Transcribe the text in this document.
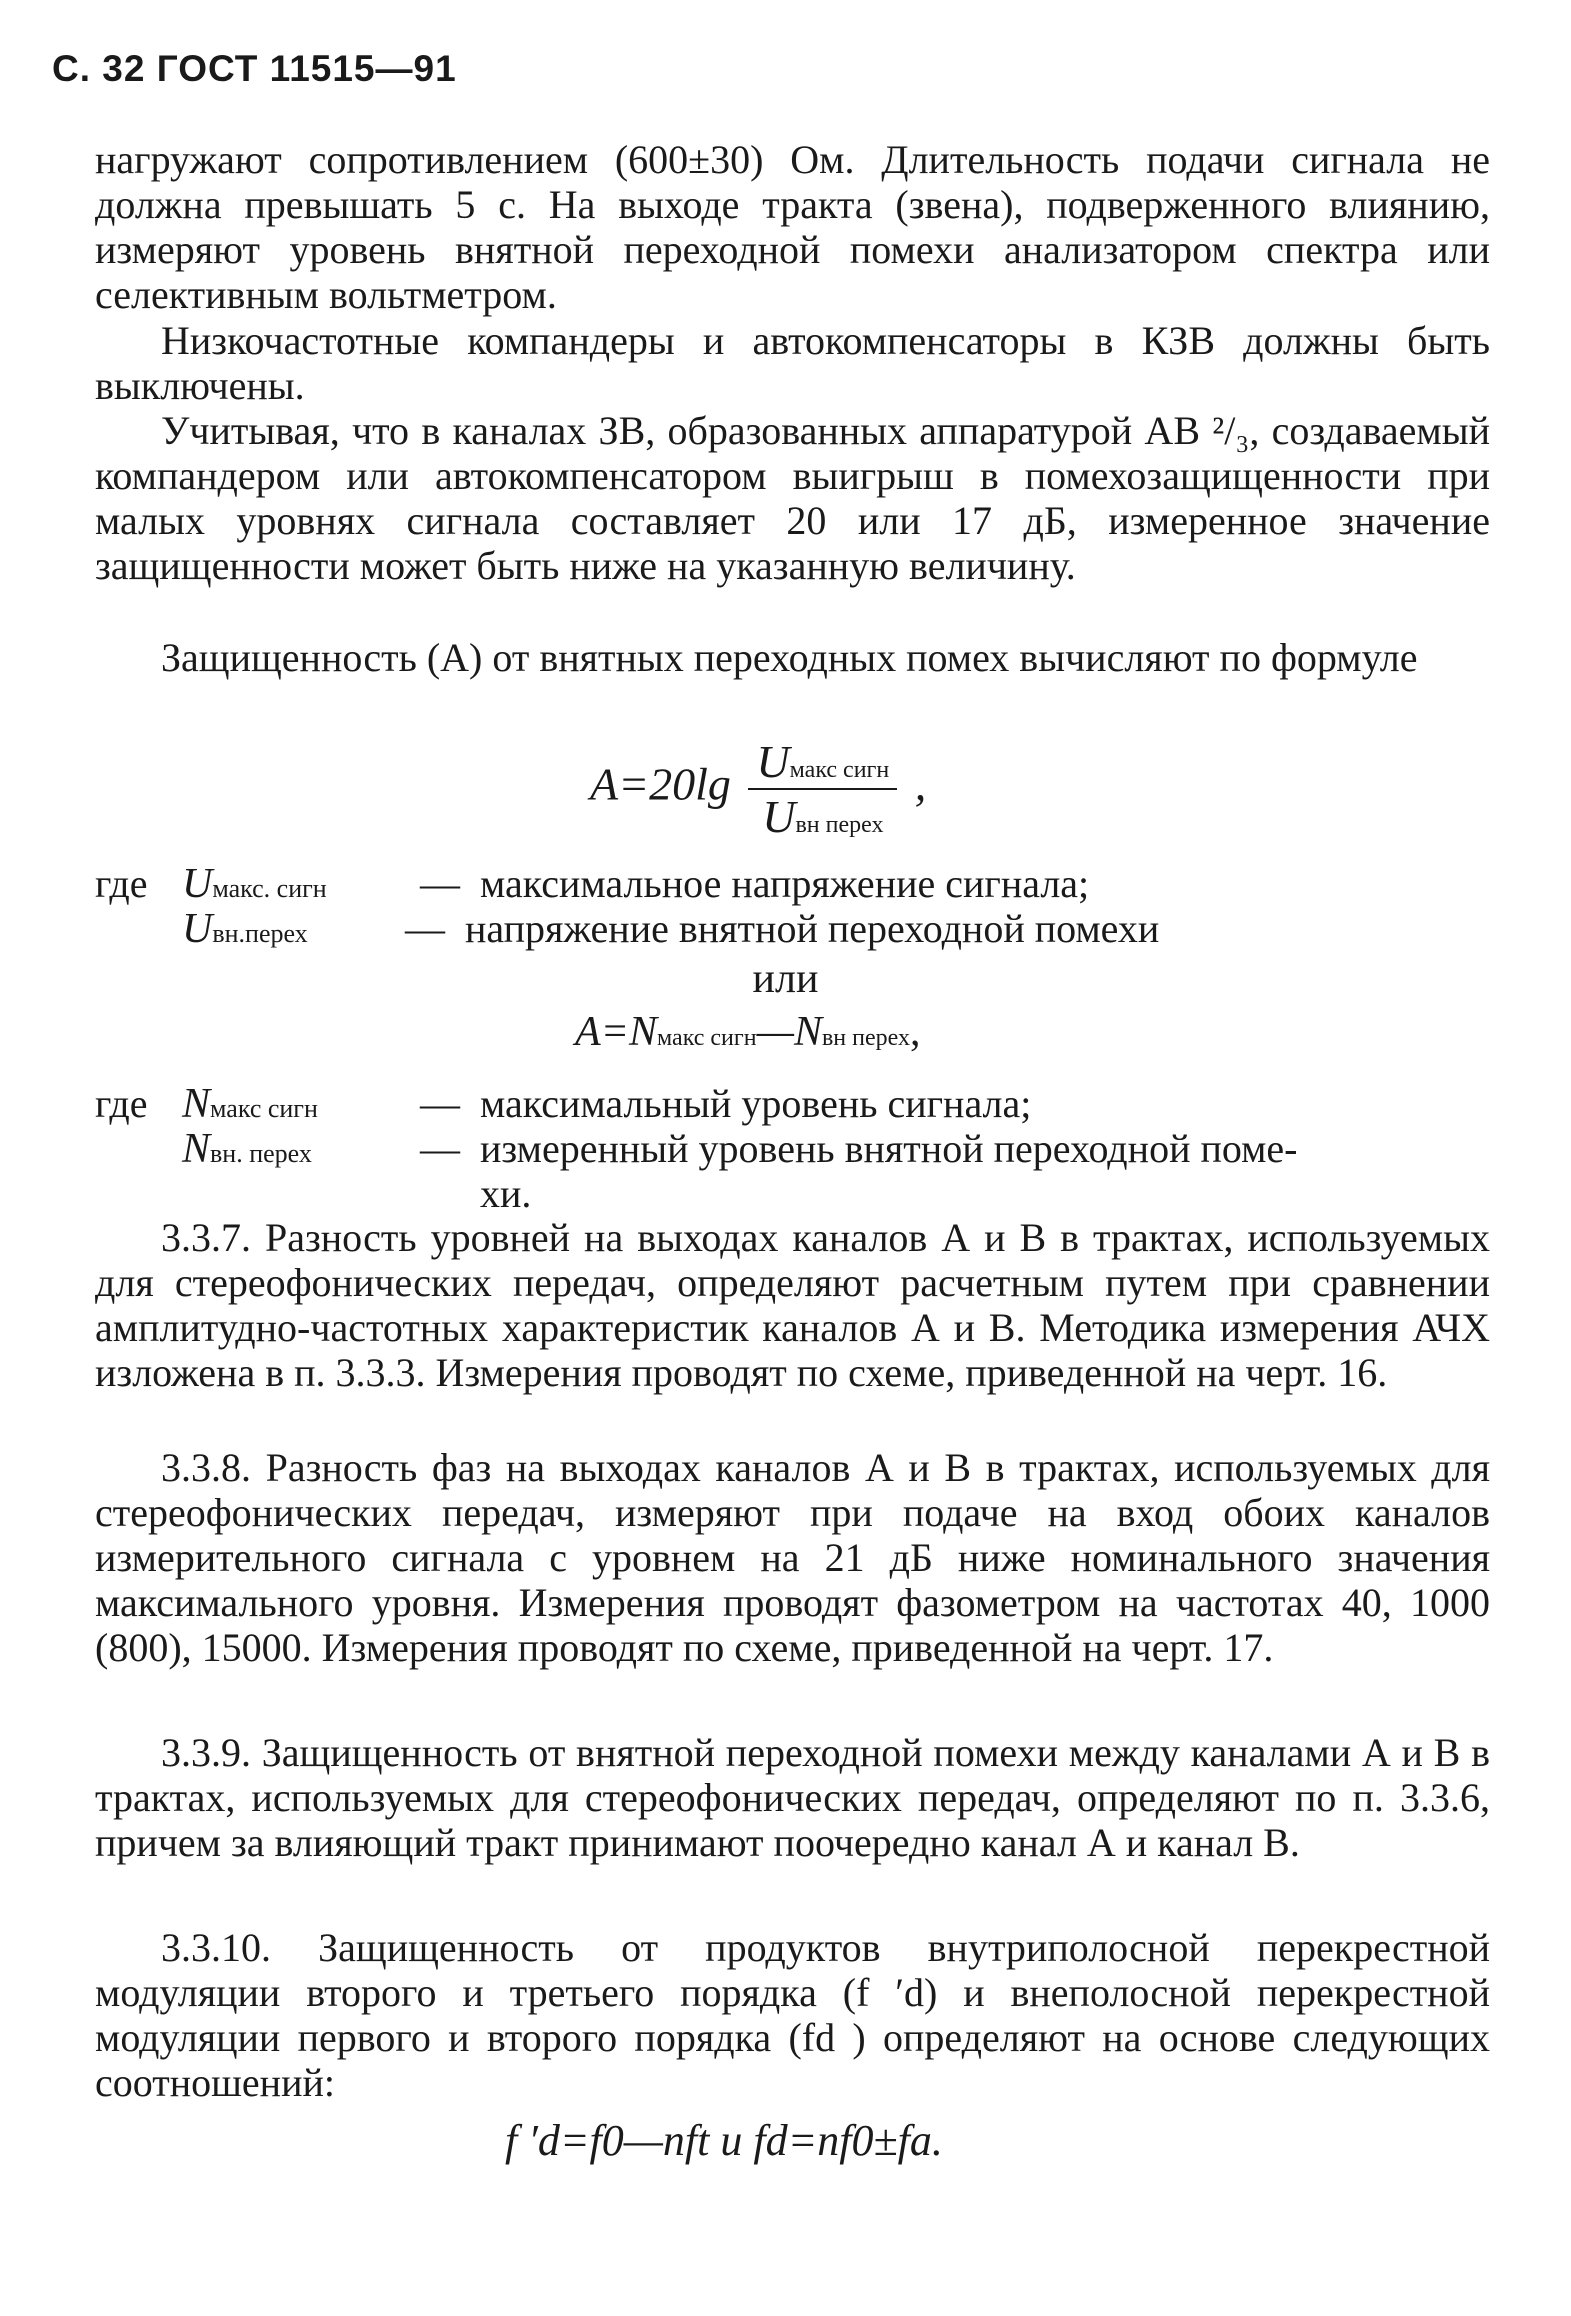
С. 32 ГОСТ 11515—91

нагружают сопротивлением (600±30) Ом. Длительность подачи сигнала не должна превышать 5 с. На выходе тракта (звена), подверженного влиянию, измеряют уровень внятной переходной помехи анализатором спектра или селективным вольтметром.

Низкочастотные компандеры и автокомпенсаторы в КЗВ должны быть выключены.

Учитывая, что в каналах ЗВ, образованных аппаратурой АВ ²/₃, создаваемый компандером или автокомпенсатором выигрыш в помехозащищенности при малых уровнях сигнала составляет 20 или 17 дБ, измеренное значение защищенности может быть ниже на указанную величину.

Защищенность (А) от внятных переходных помех вычисляют по формуле

$A=20\lg \frac{\text{Uмакс сигн}}{\text{Uвн перех}}$ ,
где Uмакс. сигн — максимальное напряжение сигнала;
Uвн.перех — напряжение внятной переходной помехи
или
A=Nмакс сигн—Nвн перех,
где Nмакс сигн	— максимальный уровень сигнала;
Nвн. перех	— измеренный уровень внятной переходной поме-
хи.

3.3.7. Разность уровней на выходах каналов А и В в трактах, используемых для стереофонических передач, определяют расчетным путем при сравнении амплитудно-частотных характеристик каналов А и В. Методика измерения АЧХ изложена в п. 3.3.3. Измерения проводят по схеме, приведенной на черт. 16.

3.3.8. Разность фаз на выходах каналов А и В в трактах, используемых для стереофонических передач, измеряют при подаче на вход обоих каналов измерительного сигнала с уровнем на 21 дБ ниже номинального значения максимального уровня. Измерения проводят фазометром на частотах 40, 1000 (800), 15000. Измерения проводят по схеме, приведенной на черт. 17.

3.3.9. Защищенность от внятной переходной помехи между каналами А и В в трактах, используемых для стереофонических передач, определяют по п. 3.3.6, причем за влияющий тракт принимают поочередно канал А и канал В.

3.3.10. Защищенность от продуктов внутриполосной перекрестной модуляции второго и третьего порядка (f ′d) и внеполосной перекрестной модуляции первого и второго порядка (fd ) определяют на основе следующих соотношений:

f ′d=f0—nft и fd=nf0±fa.
